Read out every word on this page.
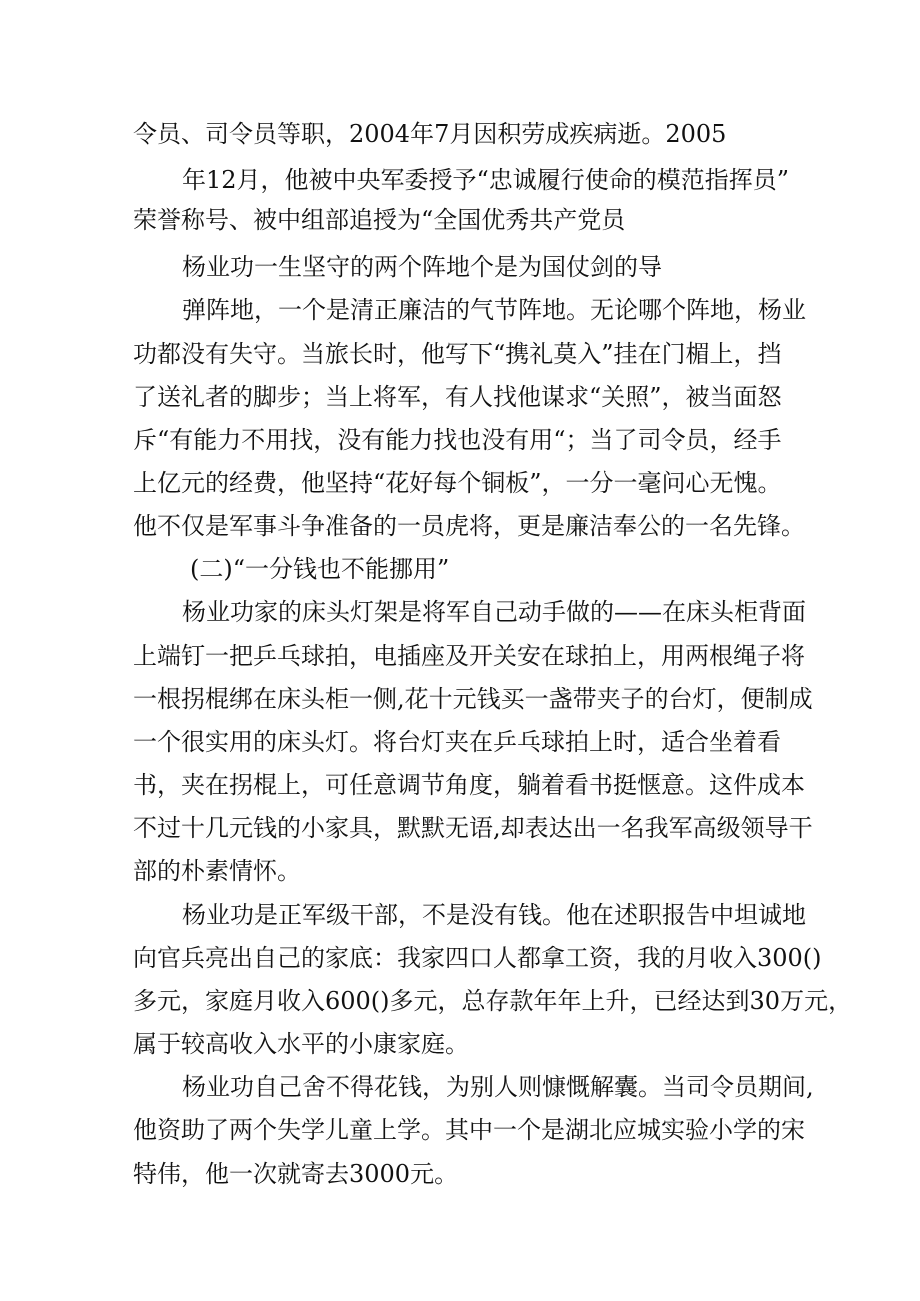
令员、司令员等职，2004年7月因积劳成疾病逝。2005
年12月，他被中央军委授予“忠诚履行使命的模范指挥员”
荣誉称号、被中组部追授为“全国优秀共产党员
杨业功一生坚守的两个阵地个是为国仗剑的导
弹阵地，一个是清正廉洁的气节阵地。无论哪个阵地，杨业
功都没有失守。当旅长时，他写下“携礼莫入”挂在门楣上，挡
了送礼者的脚步；当上将军，有人找他谋求“关照”，被当面怒
斥“有能力不用找，没有能力找也没有用“；当了司令员，经手
上亿元的经费，他坚持“花好每个铜板”，一分一毫问心无愧。
他不仅是军事斗争准备的一员虎将，更是廉洁奉公的一名先锋。
(二)“一分钱也不能挪用”
杨业功家的床头灯架是将军自己动手做的——在床头柜背面
上端钉一把乒乓球拍，电插座及开关安在球拍上，用两根绳子将
一根拐棍绑在床头柜一侧,花十元钱买一盏带夹子的台灯，便制成
一个很实用的床头灯。将台灯夹在乒乓球拍上时，适合坐着看
书，夹在拐棍上，可任意调节角度，躺着看书挺惬意。这件成本
不过十几元钱的小家具，默默无语,却表达出一名我军高级领导干
部的朴素情怀。
杨业功是正军级干部，不是没有钱。他在述职报告中坦诚地
向官兵亮出自己的家底：我家四口人都拿工资，我的月收入300()
多元，家庭月收入600()多元，总存款年年上升，已经达到30万元，
属于较高收入水平的小康家庭。
杨业功自己舍不得花钱，为别人则慷慨解囊。当司令员期间,
他资助了两个失学儿童上学。其中一个是湖北应城实验小学的宋
特伟，他一次就寄去3000元。
